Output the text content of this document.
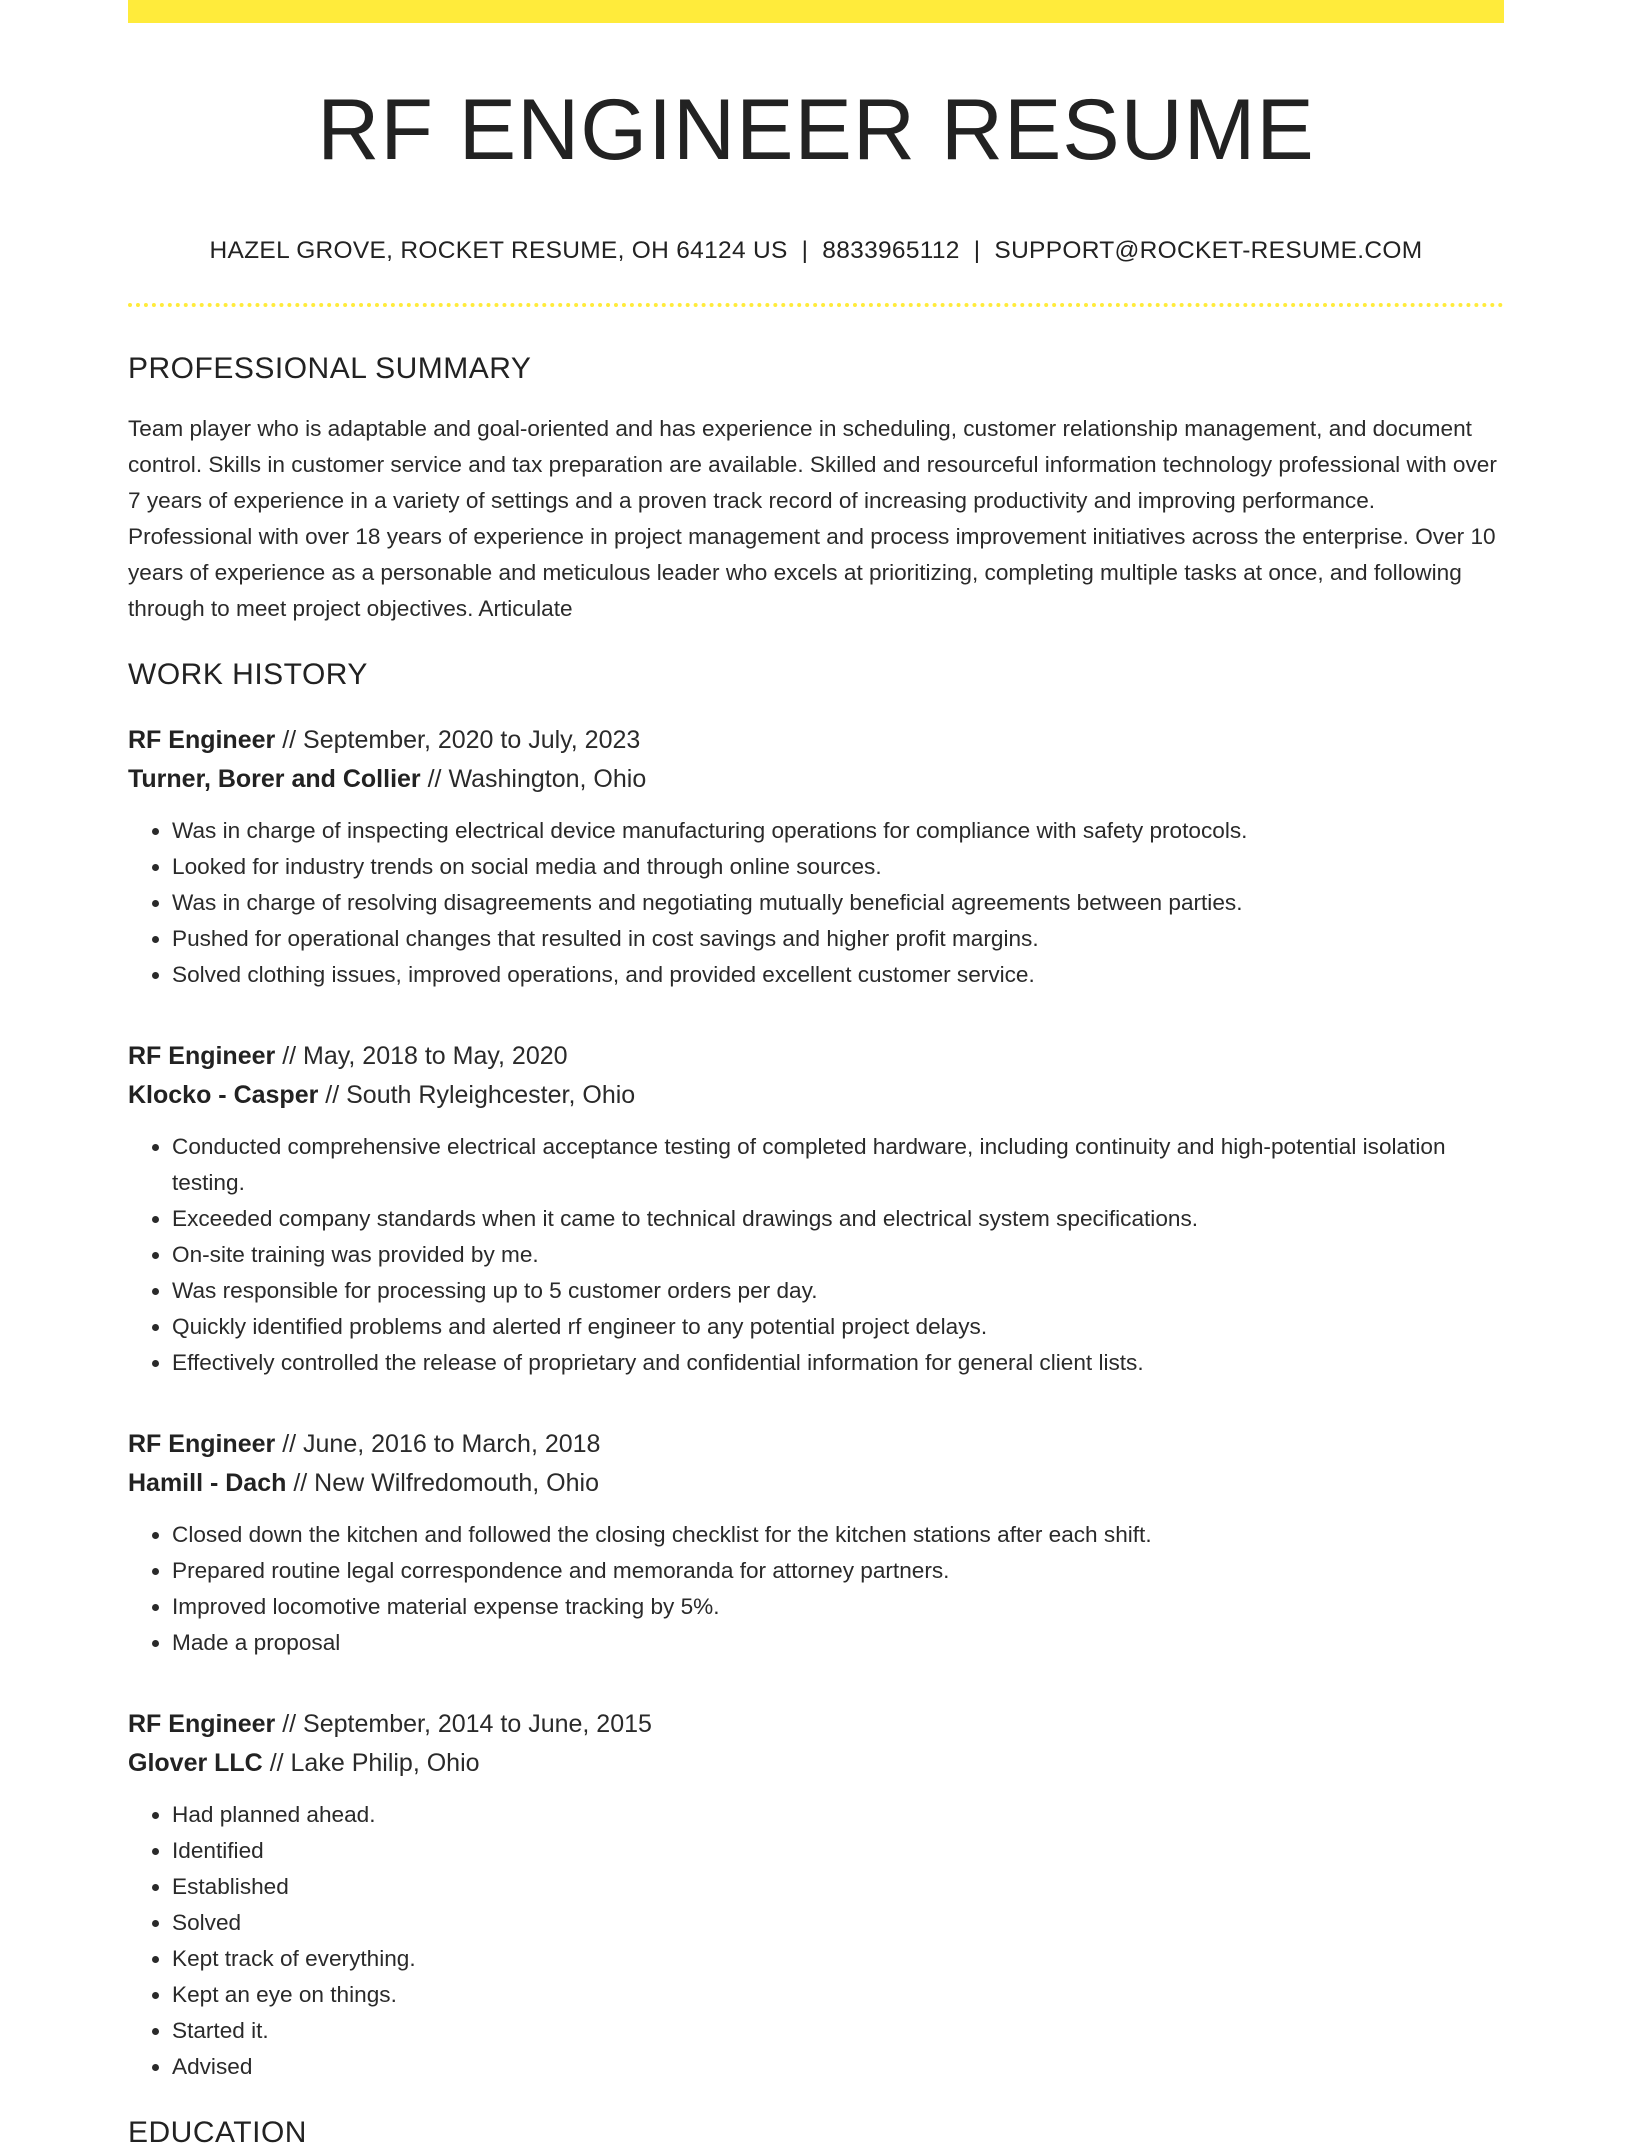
RF ENGINEER RESUME
HAZEL GROVE, ROCKET RESUME, OH 64124 US | 8833965112 | SUPPORT@ROCKET-RESUME.COM
PROFESSIONAL SUMMARY

Team player who is adaptable and goal-oriented and has experience in scheduling, customer relationship management, and document control. Skills in customer service and tax preparation are available. Skilled and resourceful information technology professional with over 7 years of experience in a variety of settings and a proven track record of increasing productivity and improving performance. Professional with over 18 years of experience in project management and process improvement initiatives across the enterprise. Over 10 years of experience as a personable and meticulous leader who excels at prioritizing, completing multiple tasks at once, and following through to meet project objectives. Articulate

WORK HISTORY
RF Engineer // September, 2020 to July, 2023
Turner, Borer and Collier // Washington, Ohio
• Was in charge of inspecting electrical device manufacturing operations for compliance with safety protocols.
• Looked for industry trends on social media and through online sources.
• Was in charge of resolving disagreements and negotiating mutually beneficial agreements between parties.
• Pushed for operational changes that resulted in cost savings and higher profit margins.
• Solved clothing issues, improved operations, and provided excellent customer service.
RF Engineer // May, 2018 to May, 2020
Klocko - Casper // South Ryleighcester, Ohio
• Conducted comprehensive electrical acceptance testing of completed hardware, including continuity and high-potential isolation testing.
• Exceeded company standards when it came to technical drawings and electrical system specifications.
• On-site training was provided by me.
• Was responsible for processing up to 5 customer orders per day.
• Quickly identified problems and alerted rf engineer to any potential project delays.
• Effectively controlled the release of proprietary and confidential information for general client lists.
RF Engineer // June, 2016 to March, 2018
Hamill - Dach // New Wilfredomouth, Ohio
• Closed down the kitchen and followed the closing checklist for the kitchen stations after each shift.
• Prepared routine legal correspondence and memoranda for attorney partners.
• Improved locomotive material expense tracking by 5%.
• Made a proposal
RF Engineer // September, 2014 to June, 2015
Glover LLC // Lake Philip, Ohio
• Had planned ahead.
• Identified
• Established
• Solved
• Kept track of everything.
• Kept an eye on things.
• Started it.
• Advised
EDUCATION
